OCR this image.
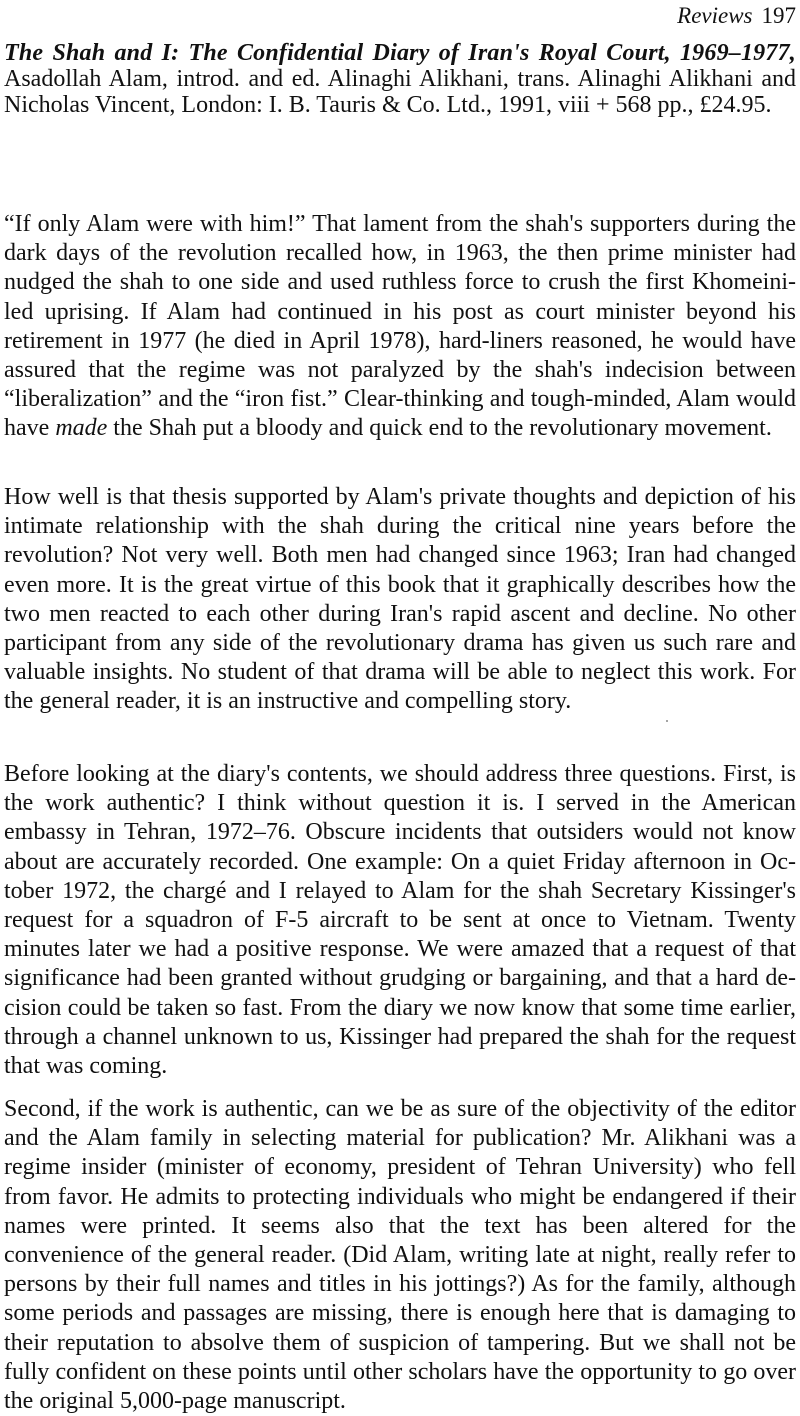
Reviews 197
The Shah and I: The Confidential Diary of Iran's Royal Court, 1969–1977, Asadollah Alam, introd. and ed. Alinaghi Alikhani, trans. Alinaghi Alikhani and Nicholas Vincent, London: I. B. Tauris & Co. Ltd., 1991, viii + 568 pp., £24.95.

“If only Alam were with him!” That lament from the shah's supporters during the dark days of the revolution recalled how, in 1963, the then prime minister had nudged the shah to one side and used ruthless force to crush the first Khomeini-led uprising. If Alam had continued in his post as court minister beyond his retirement in 1977 (he died in April 1978), hard-liners reasoned, he would have assured that the regime was not paralyzed by the shah's indecision between “liberalization” and the “iron fist.” Clear-thinking and tough-minded, Alam would have made the Shah put a bloody and quick end to the revolutionary movement.

How well is that thesis supported by Alam's private thoughts and depiction of his intimate relationship with the shah during the critical nine years before the revolution? Not very well. Both men had changed since 1963; Iran had changed even more. It is the great virtue of this book that it graphically describes how the two men reacted to each other during Iran's rapid ascent and decline. No other participant from any side of the revolutionary drama has given us such rare and valuable insights. No student of that drama will be able to neglect this work. For the general reader, it is an instructive and compelling story.

Before looking at the diary's contents, we should address three questions. First, is the work authentic? I think without question it is. I served in the American embassy in Tehran, 1972–76. Obscure incidents that outsiders would not know about are accurately recorded. One example: On a quiet Friday afternoon in October 1972, the chargé and I relayed to Alam for the shah Secretary Kissinger's request for a squadron of F-5 aircraft to be sent at once to Vietnam. Twenty minutes later we had a positive response. We were amazed that a request of that significance had been granted without grudging or bargaining, and that a hard decision could be taken so fast. From the diary we now know that some time earlier, through a channel unknown to us, Kissinger had prepared the shah for the request that was coming.

Second, if the work is authentic, can we be as sure of the objectivity of the editor and the Alam family in selecting material for publication? Mr. Alikhani was a regime insider (minister of economy, president of Tehran University) who fell from favor. He admits to protecting individuals who might be endangered if their names were printed. It seems also that the text has been altered for the convenience of the general reader. (Did Alam, writing late at night, really refer to persons by their full names and titles in his jottings?) As for the family, although some periods and passages are missing, there is enough here that is damaging to their reputation to absolve them of suspicion of tampering. But we shall not be fully confident on these points until other scholars have the opportunity to go over the original 5,000-page manuscript.
